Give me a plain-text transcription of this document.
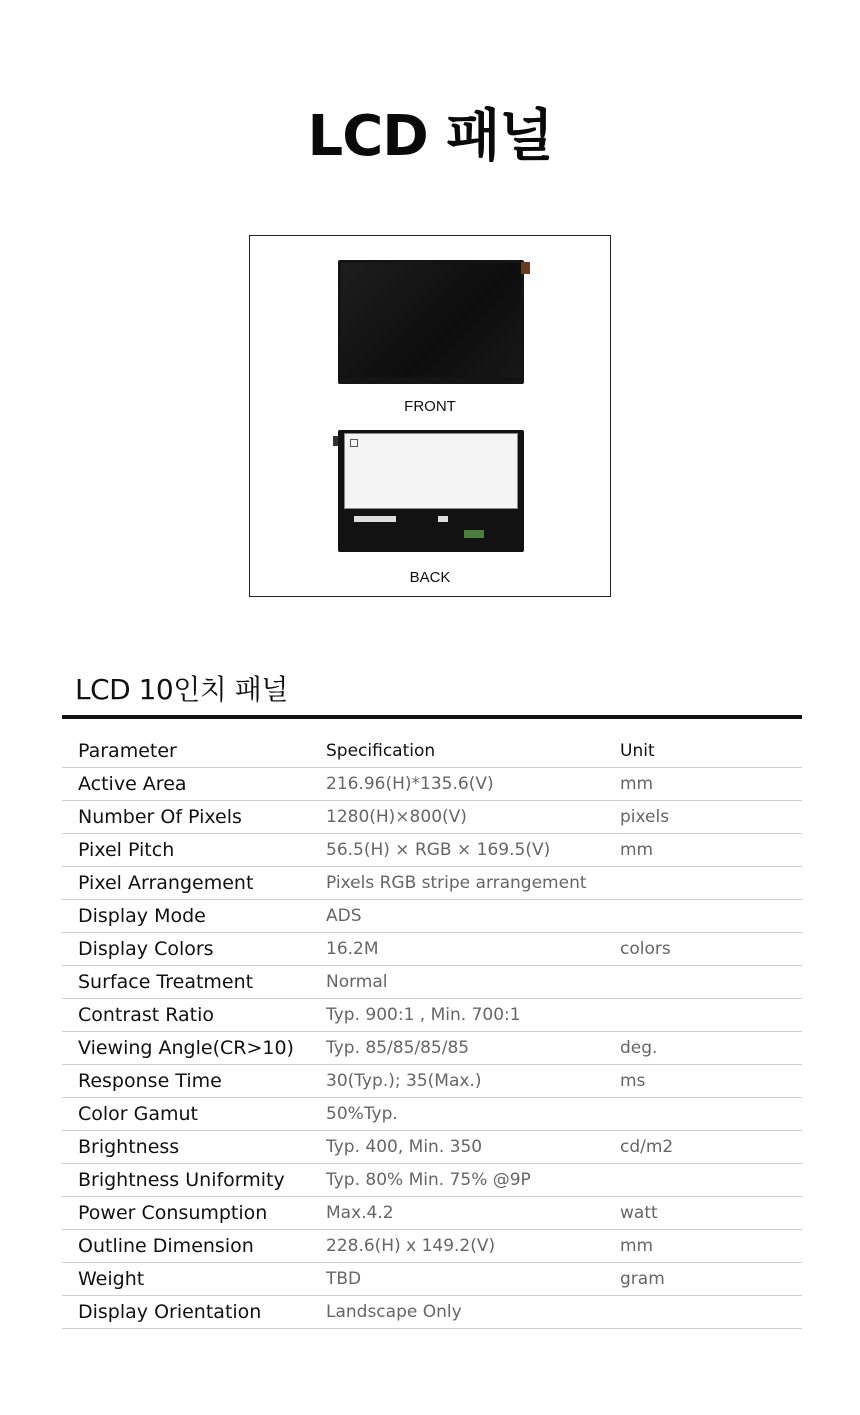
LCD 패널
FRONT
BACK
LCD 10인치 패널
Parameter	Specification	Unit
Active Area	216.96(H)*135.6(V)	mm
Number Of Pixels	1280(H)×800(V)	pixels
Pixel Pitch	56.5(H) × RGB × 169.5(V)	mm
Pixel Arrangement	Pixels RGB stripe arrangement	
Display Mode	ADS	
Display Colors	16.2M	colors
Surface Treatment	Normal	
Contrast Ratio	Typ. 900:1 , Min. 700:1	
Viewing Angle(CR>10)	Typ. 85/85/85/85	deg.
Response Time	30(Typ.); 35(Max.)	ms
Color Gamut	50%Typ.	
Brightness	Typ. 400, Min. 350	cd/m2
Brightness Uniformity	Typ. 80% Min. 75% @9P	
Power Consumption	Max.4.2	watt
Outline Dimension	228.6(H) x 149.2(V)	mm
Weight	TBD	gram
Display Orientation	Landscape Only	
